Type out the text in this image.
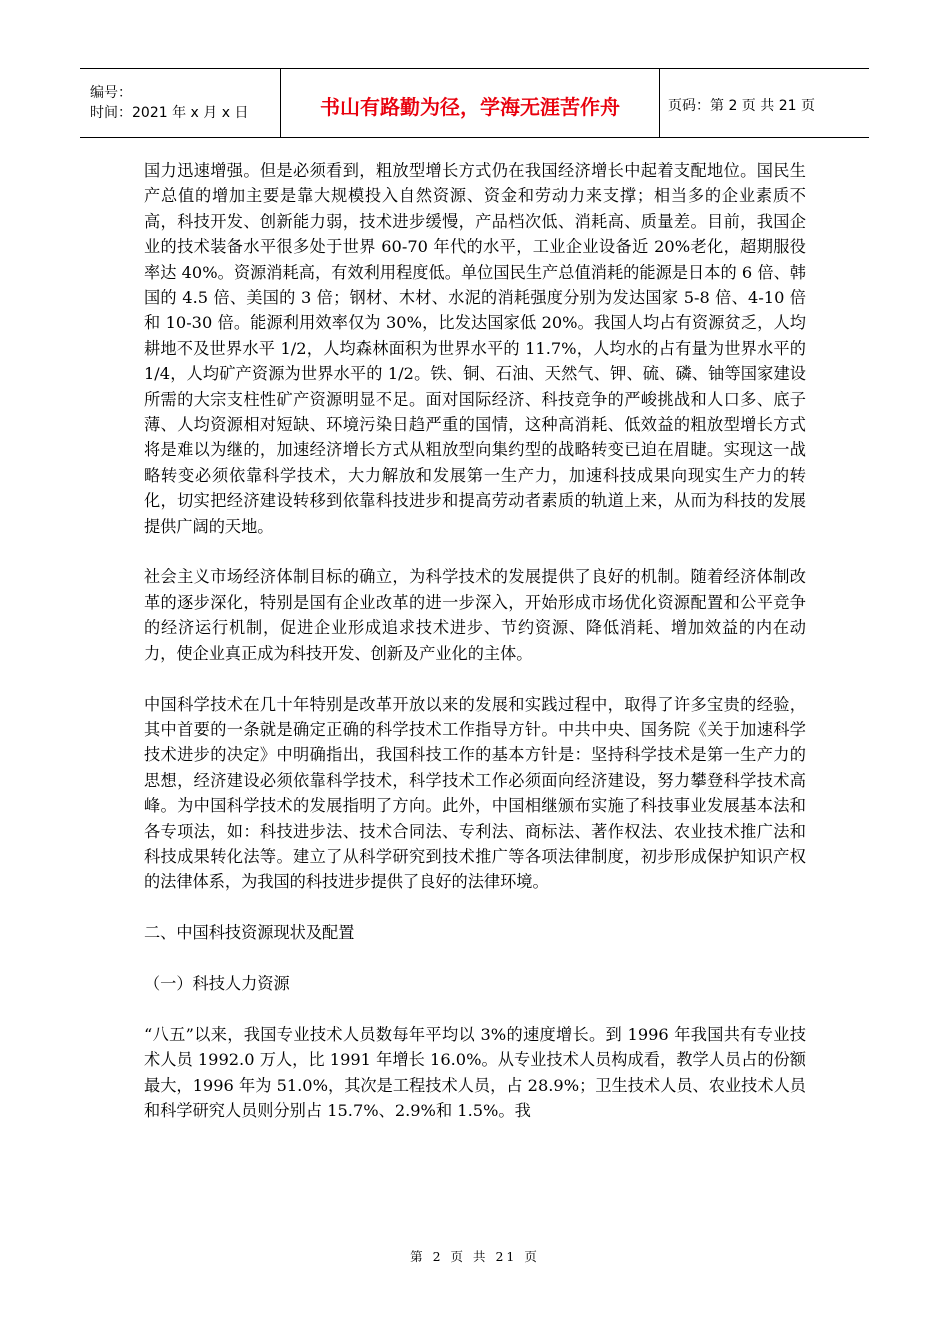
编号：
时间：2021 年 x 月 x 日	书山有路勤为径，学海无涯苦作舟	页码：第 2 页 共 21 页

国力迅速增强。但是必须看到，粗放型增长方式仍在我国经济增长中起着支配地位。国民生产总值的增加主要是靠大规模投入自然资源、资金和劳动力来支撑；相当多的企业素质不高，科技开发、创新能力弱，技术进步缓慢，产品档次低、消耗高、质量差。目前，我国企业的技术装备水平很多处于世界 60-70 年代的水平，工业企业设备近 20%老化，超期服役率达 40%。资源消耗高，有效利用程度低。单位国民生产总值消耗的能源是日本的 6 倍、韩国的 4.5 倍、美国的 3 倍；钢材、木材、水泥的消耗强度分别为发达国家 5-8 倍、4-10 倍和 10-30 倍。能源利用效率仅为 30%，比发达国家低 20%。我国人均占有资源贫乏，人均耕地不及世界水平 1/2，人均森林面积为世界水平的 11.7%，人均水的占有量为世界水平的 1/4，人均矿产资源为世界水平的 1/2。铁、铜、石油、天然气、钾、硫、磷、铀等国家建设所需的大宗支柱性矿产资源明显不足。面对国际经济、科技竞争的严峻挑战和人口多、底子薄、人均资源相对短缺、环境污染日趋严重的国情，这种高消耗、低效益的粗放型增长方式将是难以为继的，加速经济增长方式从粗放型向集约型的战略转变已迫在眉睫。实现这一战略转变必须依靠科学技术，大力解放和发展第一生产力，加速科技成果向现实生产力的转化，切实把经济建设转移到依靠科技进步和提高劳动者素质的轨道上来，从而为科技的发展提供广阔的天地。

社会主义市场经济体制目标的确立，为科学技术的发展提供了良好的机制。随着经济体制改革的逐步深化，特别是国有企业改革的进一步深入，开始形成市场优化资源配置和公平竞争的经济运行机制，促进企业形成追求技术进步、节约资源、降低消耗、增加效益的内在动力，使企业真正成为科技开发、创新及产业化的主体。

中国科学技术在几十年特别是改革开放以来的发展和实践过程中，取得了许多宝贵的经验，其中首要的一条就是确定正确的科学技术工作指导方针。中共中央、国务院《关于加速科学技术进步的决定》中明确指出，我国科技工作的基本方针是：坚持科学技术是第一生产力的思想，经济建设必须依靠科学技术，科学技术工作必须面向经济建设，努力攀登科学技术高峰。为中国科学技术的发展指明了方向。此外，中国相继颁布实施了科技事业发展基本法和各专项法，如：科技进步法、技术合同法、专利法、商标法、著作权法、农业技术推广法和科技成果转化法等。建立了从科学研究到技术推广等各项法律制度，初步形成保护知识产权的法律体系，为我国的科技进步提供了良好的法律环境。

二、中国科技资源现状及配置

（一）科技人力资源

“八五”以来，我国专业技术人员数每年平均以 3%的速度增长。到 1996 年我国共有专业技术人员 1992.0 万人，比 1991 年增长 16.0%。从专业技术人员构成看，教学人员占的份额最大，1996 年为 51.0%，其次是工程技术人员，占 28.9%；卫生技术人员、农业技术人员和科学研究人员则分别占 15.7%、2.9%和 1.5%。我

第 2 页 共 21 页
